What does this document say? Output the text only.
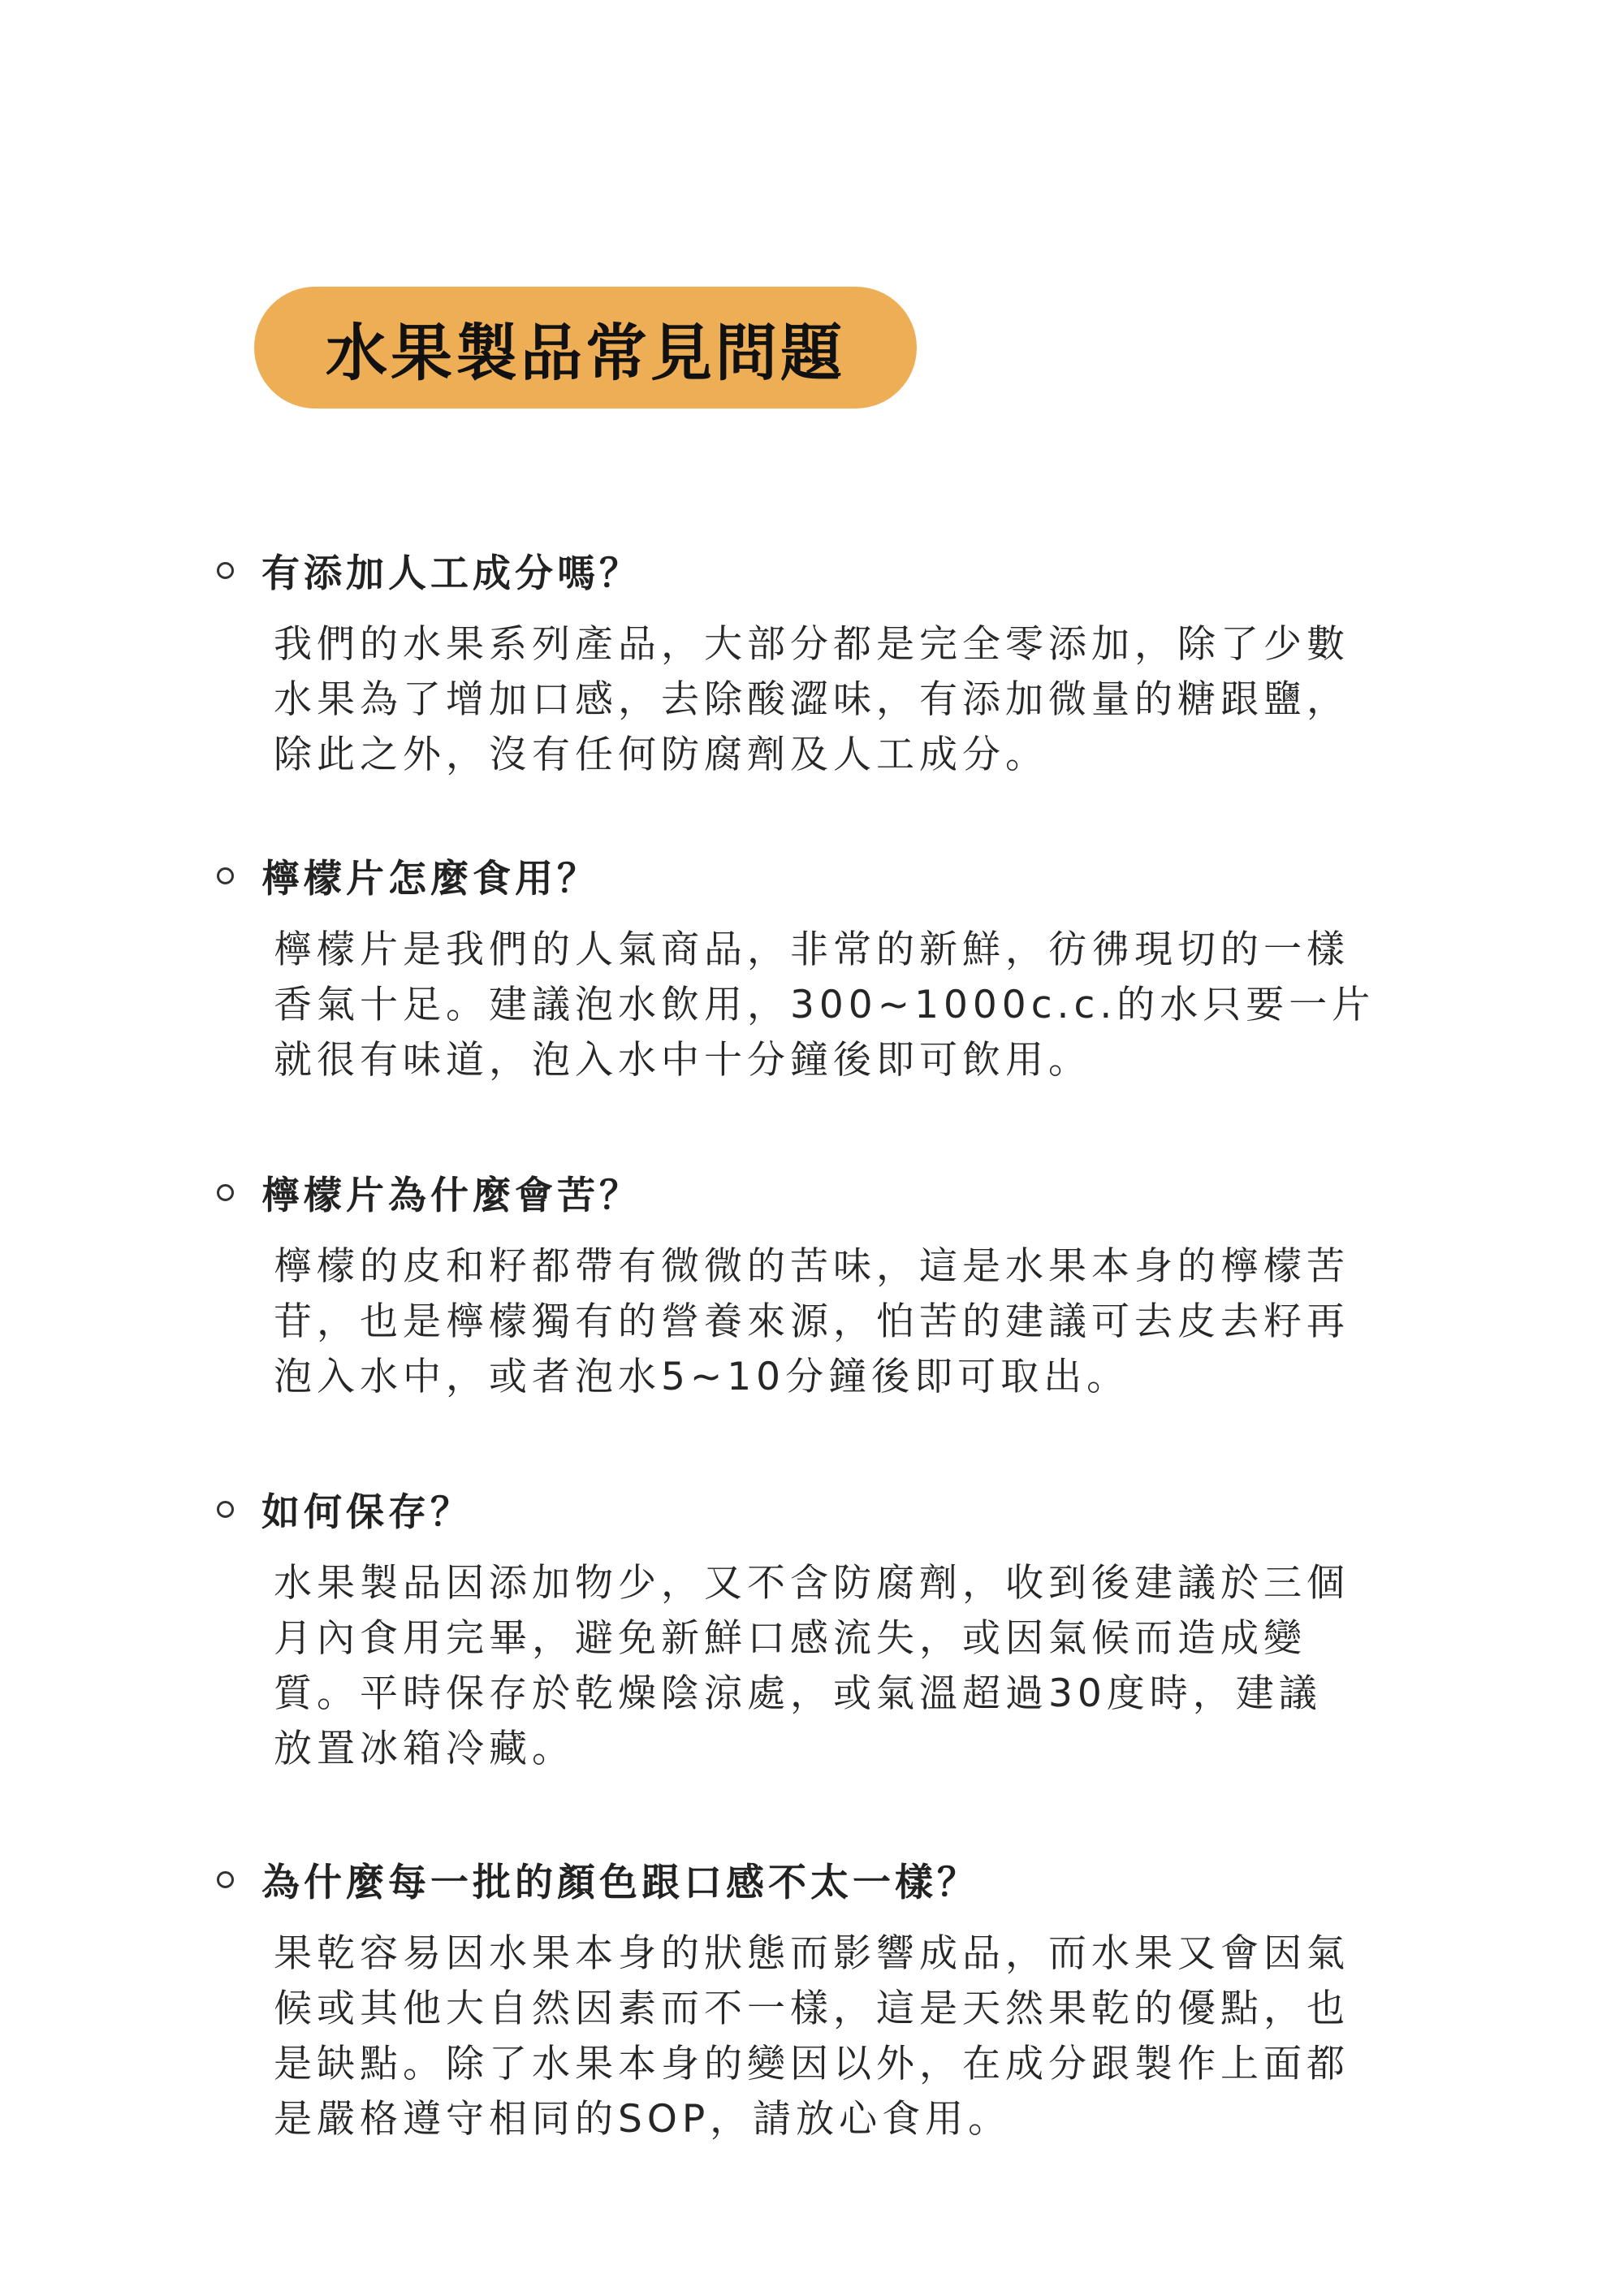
水果製品常見問題
有添加人工成分嗎？

我們的水果系列產品，大部分都是完全零添加，除了少數
水果為了增加口感，去除酸澀味，有添加微量的糖跟鹽，
除此之外，沒有任何防腐劑及人工成分。

檸檬片怎麼食用？

檸檬片是我們的人氣商品，非常的新鮮，彷彿現切的一樣
香氣十足。建議泡水飲用，300~1000c.c.的水只要一片
就很有味道，泡入水中十分鐘後即可飲用。

檸檬片為什麼會苦？

檸檬的皮和籽都帶有微微的苦味，這是水果本身的檸檬苦
苷，也是檸檬獨有的營養來源，怕苦的建議可去皮去籽再
泡入水中，或者泡水5~10分鐘後即可取出。

如何保存？

水果製品因添加物少，又不含防腐劑，收到後建議於三個
月內食用完畢，避免新鮮口感流失，或因氣候而造成變
質。平時保存於乾燥陰涼處，或氣溫超過30度時，建議
放置冰箱冷藏。

為什麼每一批的顏色跟口感不太一樣？

果乾容易因水果本身的狀態而影響成品，而水果又會因氣
候或其他大自然因素而不一樣，這是天然果乾的優點，也
是缺點。除了水果本身的變因以外，在成分跟製作上面都
是嚴格遵守相同的SOP，請放心食用。
